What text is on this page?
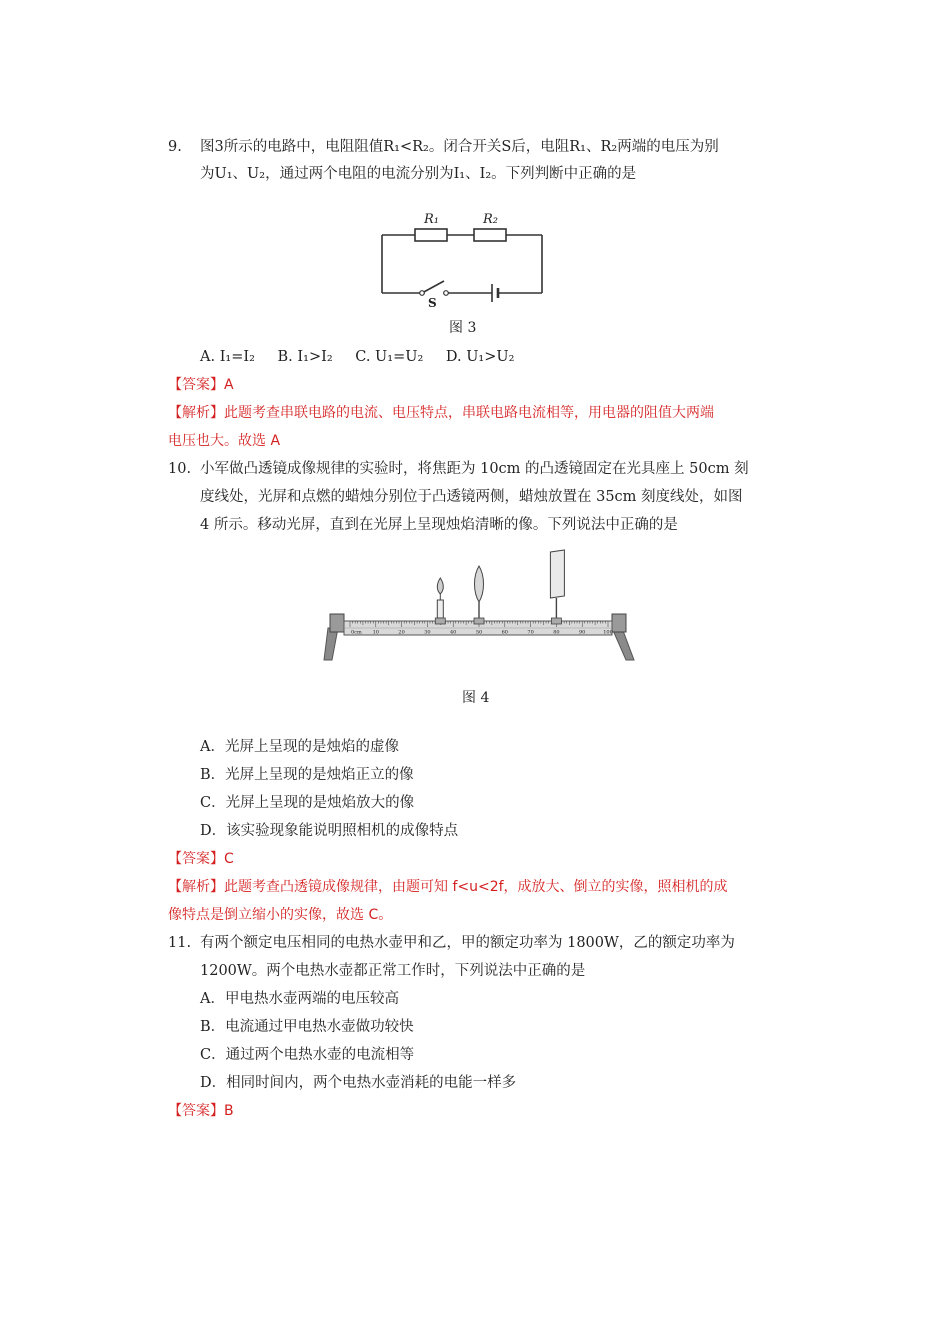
9. 图3所示的电路中，电阻阻值R₁<R₂。闭合开关S后，电阻R₁、R₂两端的电压为别
为U₁、U₂，通过两个电阻的电流分别为I₁、I₂。下列判断中正确的是
R₁	R₂
S
图 3
A. I₁=I₂ B. I₁>I₂ C. U₁=U₂ D. U₁>U₂
【答案】A
【解析】此题考查串联电路的电流、电压特点，串联电路电流相等，用电器的阻值大两端
电压也大。故选 A
10. 小军做凸透镜成像规律的实验时，将焦距为 10cm 的凸透镜固定在光具座上 50cm 刻
度线处，光屏和点燃的蜡烛分别位于凸透镜两侧，蜡烛放置在 35cm 刻度线处，如图
4 所示。移动光屏，直到在光屏上呈现烛焰清晰的像。下列说法中正确的是
0cm 10	20	30	40	50	60	70	80	90	100
图 4
A．光屏上呈现的是烛焰的虚像
B．光屏上呈现的是烛焰正立的像
C．光屏上呈现的是烛焰放大的像
D．该实验现象能说明照相机的成像特点
【答案】C
【解析】此题考查凸透镜成像规律，由题可知 f<u<2f，成放大、倒立的实像，照相机的成
像特点是倒立缩小的实像，故选 C。
11. 有两个额定电压相同的电热水壶甲和乙，甲的额定功率为 1800W，乙的额定功率为
1200W。两个电热水壶都正常工作时，下列说法中正确的是
A．甲电热水壶两端的电压较高
B．电流通过甲电热水壶做功较快
C．通过两个电热水壶的电流相等
D．相同时间内，两个电热水壶消耗的电能一样多
【答案】B
